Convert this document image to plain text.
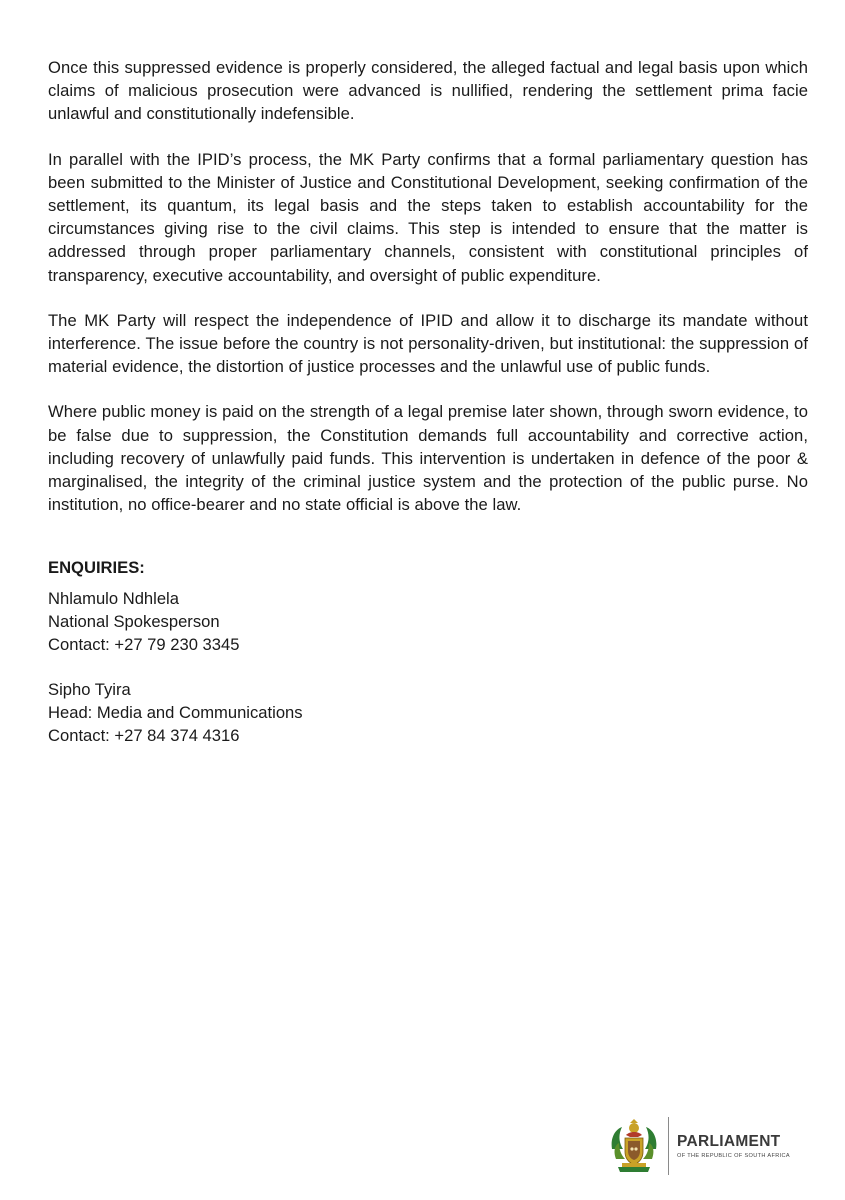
Once this suppressed evidence is properly considered, the alleged factual and legal basis upon which claims of malicious prosecution were advanced is nullified, rendering the settlement prima facie unlawful and constitutionally indefensible.

In parallel with the IPID’s process, the MK Party confirms that a formal parliamentary question has been submitted to the Minister of Justice and Constitutional Development, seeking confirmation of the settlement, its quantum, its legal basis and the steps taken to establish accountability for the circumstances giving rise to the civil claims. This step is intended to ensure that the matter is addressed through proper parliamentary channels, consistent with constitutional principles of transparency, executive accountability, and oversight of public expenditure.

The MK Party will respect the independence of IPID and allow it to discharge its mandate without interference. The issue before the country is not personality-driven, but institutional: the suppression of material evidence, the distortion of justice processes and the unlawful use of public funds.

Where public money is paid on the strength of a legal premise later shown, through sworn evidence, to be false due to suppression, the Constitution demands full accountability and corrective action, including recovery of unlawfully paid funds. This intervention is undertaken in defence of the poor & marginalised, the integrity of the criminal justice system and the protection of the public purse. No institution, no office-bearer and no state official is above the law.

ENQUIRIES:
Nhlamulo Ndhlela
National Spokesperson
Contact: +27 79 230 3345
Sipho Tyira
Head: Media and Communications
Contact: +27 84 374 4316
PARLIAMENT
OF THE REPUBLIC OF SOUTH AFRICA
